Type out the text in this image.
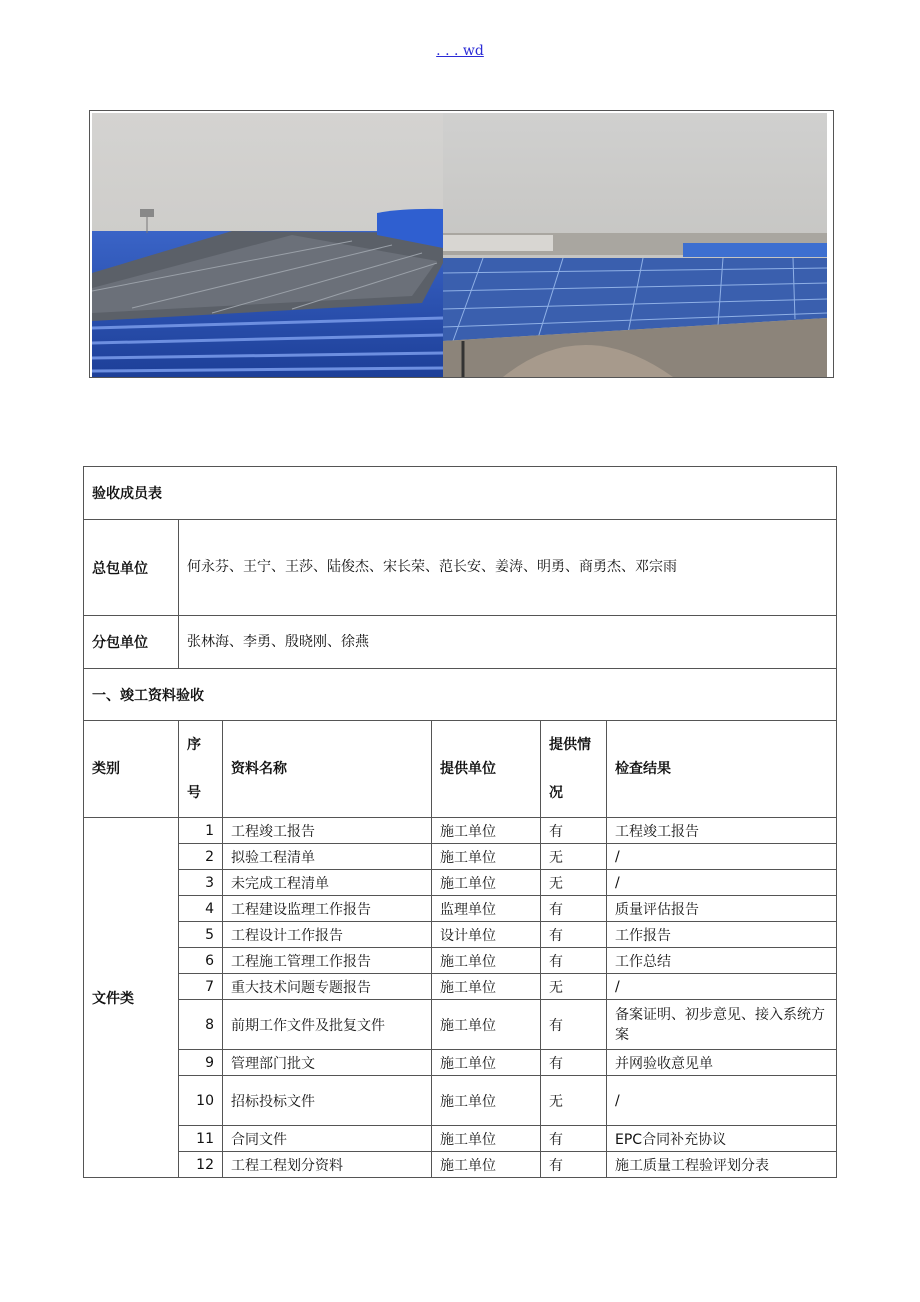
. . . wd
验收成员表					
总包单位	何永芬、王宁、王莎、陆俊杰、宋长荣、范长安、姜涛、明勇、商勇杰、邓宗雨				
分包单位	张林海、李勇、殷晓刚、徐燕				
一、竣工资料验收					
类别	序号	资料名称	提供单位	提供情况	检查结果
文件类	1	工程竣工报告	施工单位	有	工程竣工报告
	2	拟验工程清单	施工单位	无	/
	3	未完成工程清单	施工单位	无	/
	4	工程建设监理工作报告	监理单位	有	质量评估报告
	5	工程设计工作报告	设计单位	有	工作报告
	6	工程施工管理工作报告	施工单位	有	工作总结
	7	重大技术问题专题报告	施工单位	无	/
	8	前期工作文件及批复文件	施工单位	有	备案证明、初步意见、接入系统方案
	9	管理部门批文	施工单位	有	并网验收意见单
	10	招标投标文件	施工单位	无	/
	11	合同文件	施工单位	有	EPC合同补充协议
	12	工程工程划分资料	施工单位	有	施工质量工程验评划分表
